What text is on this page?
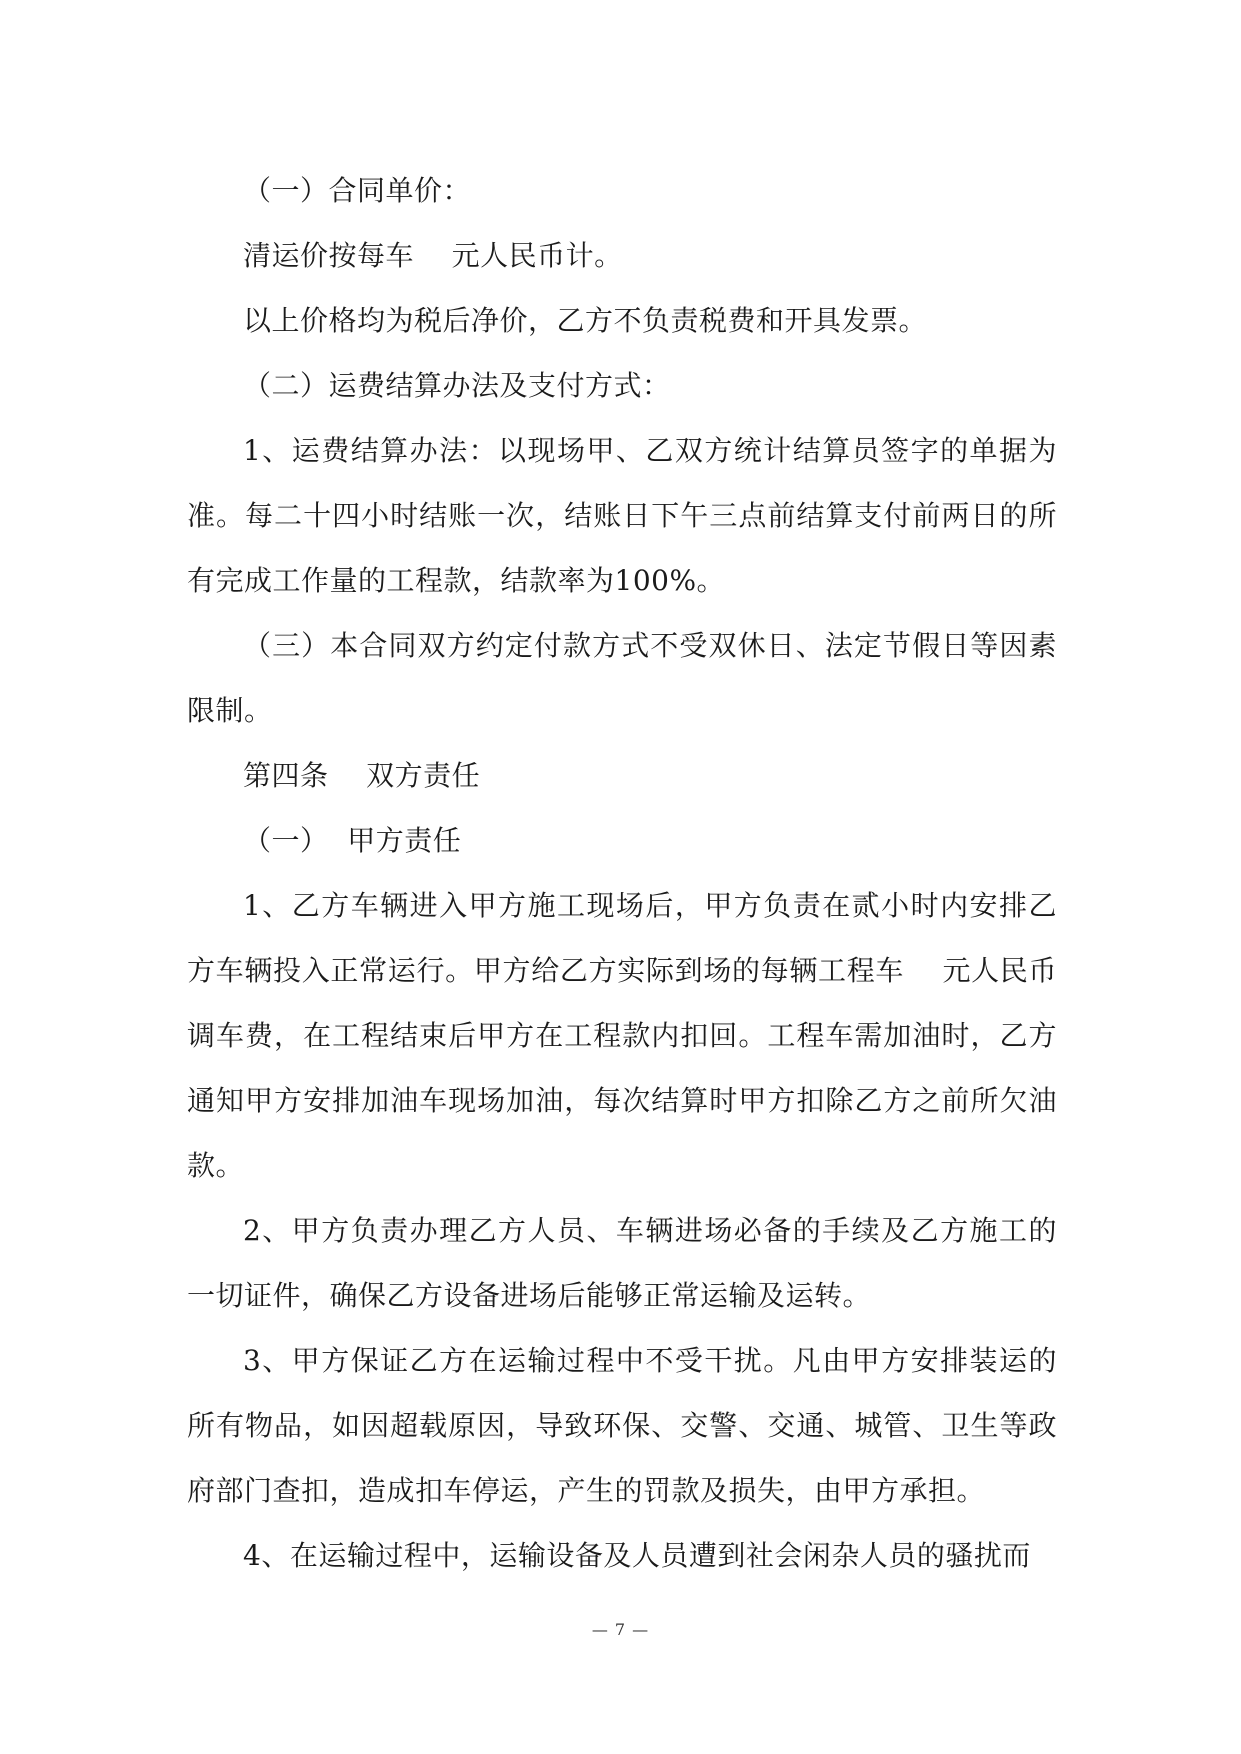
（一）合同单价：

清运价按每车    元人民币计。

以上价格均为税后净价，乙方不负责税费和开具发票。

（二）运费结算办法及支付方式：

1、运费结算办法：以现场甲、乙双方统计结算员签字的单据为准。每二十四小时结账一次，结账日下午三点前结算支付前两日的所有完成工作量的工程款，结款率为100%。

（三）本合同双方约定付款方式不受双休日、法定节假日等因素限制。

第四条    双方责任

（一）  甲方责任

1、乙方车辆进入甲方施工现场后，甲方负责在贰小时内安排乙方车辆投入正常运行。甲方给乙方实际到场的每辆工程车    元人民币调车费，在工程结束后甲方在工程款内扣回。工程车需加油时，乙方通知甲方安排加油车现场加油，每次结算时甲方扣除乙方之前所欠油款。

2、甲方负责办理乙方人员、车辆进场必备的手续及乙方施工的一切证件，确保乙方设备进场后能够正常运输及运转。

3、甲方保证乙方在运输过程中不受干扰。凡由甲方安排装运的所有物品，如因超载原因，导致环保、交警、交通、城管、卫生等政府部门查扣，造成扣车停运，产生的罚款及损失，由甲方承担。

4、在运输过程中，运输设备及人员遭到社会闲杂人员的骚扰而

— 7 —
